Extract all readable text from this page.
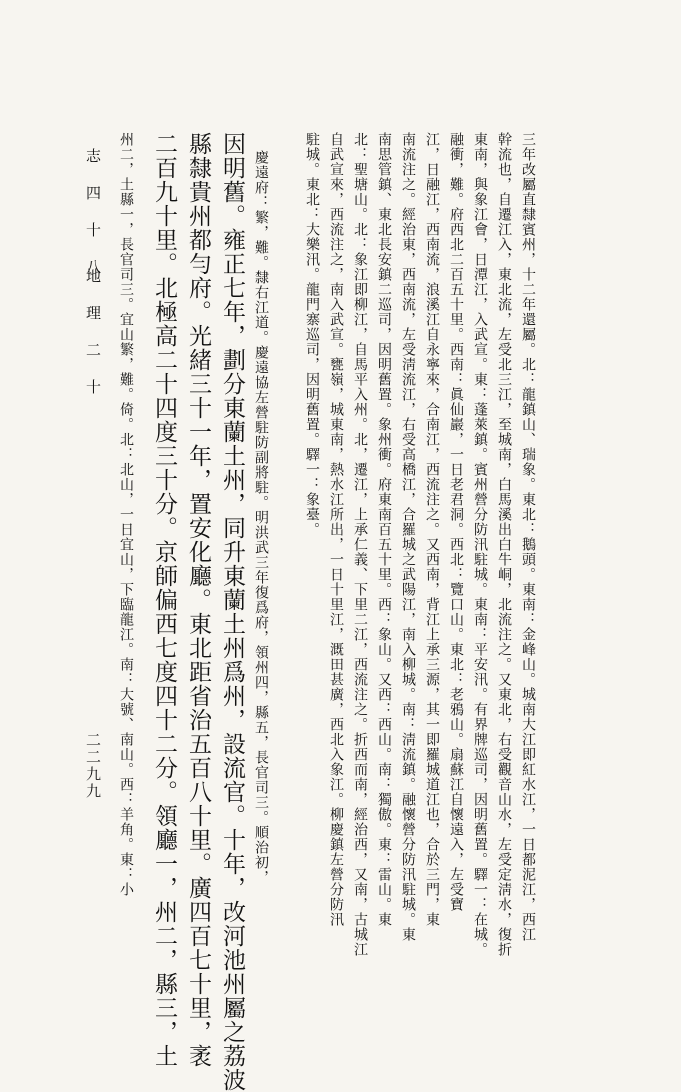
三年改屬直隸賓州，十二年還屬。北：龍鎮山、瑞象。東北：鵝頭。東南：金峰山。城南大江即紅水江，一日都泥江，西江
幹流也，自遷江入，東北流，左受北三江，至城南，白馬溪出白牛峒，北流注之。又東北，右受觀音山水，左受定淸水，復折
東南，與象江會，日潭江，入武宣。東：蓬萊鎮。賓州營分防汛駐城。東南：平安汛。有界牌巡司，因明舊置。驛一：在城。
融衝，難。府西北二百五十里。西南：眞仙巖，一日老君洞。西北：覽口山。東北：老鴉山。扇蘇江自懷遠入，左受寶
江，日融江，西南流，浪溪江自永寧來，合南江，西流注之。又西南，背江上承三源，其一即羅城道江也，合於三門，東
南流注之。經治東，西南流，左受淸流江，右受高橋江，合羅城之武陽江，南入柳城。南：淸流鎮。融懷營分防汛駐城。東
南思管鎮、東北長安鎮二巡司，因明舊置。象州衝。府東南百五十里。西：象山。又西：西山。南：獨傲。東：雷山。東
北：聖塘山。北：象江即柳江，自馬平入州。北，遷江，上承仁義、下里二江，西流注之。折西而南，經治西，又南，古城江
自武宣來，西流注之，南入武宣。甕嶺，城東南，熱水江所出，一日十里江，溉田甚廣，西北入象江。柳慶鎮左營分防汛
駐城。東北：大樂汛。龍門寨巡司，因明舊置。驛一：象臺。
慶遠府：繁，難。隸右江道。慶遠協左營駐防副將駐。明洪武三年復爲府，領州四，縣五，長官司三。順治初，
因明舊。雍正七年，劃分東蘭土州，同升東蘭土州爲州，設流官。十年，改河池州屬之荔波
縣隸貴州都勻府。光緒三十一年，置安化廳。東北距省治五百八十里。廣四百七十里，袤
二百九十里。北極高二十四度三十分。京師偏西七度四十二分。領廳一，州二，縣三，土
州二，土縣一，長官司三。宜山繁，難。倚。北：北山，一日宜山，下臨龍江。南：大號、南山。西：羊角。東：小
志 四 十 八
地 理 二 十
二二九九
